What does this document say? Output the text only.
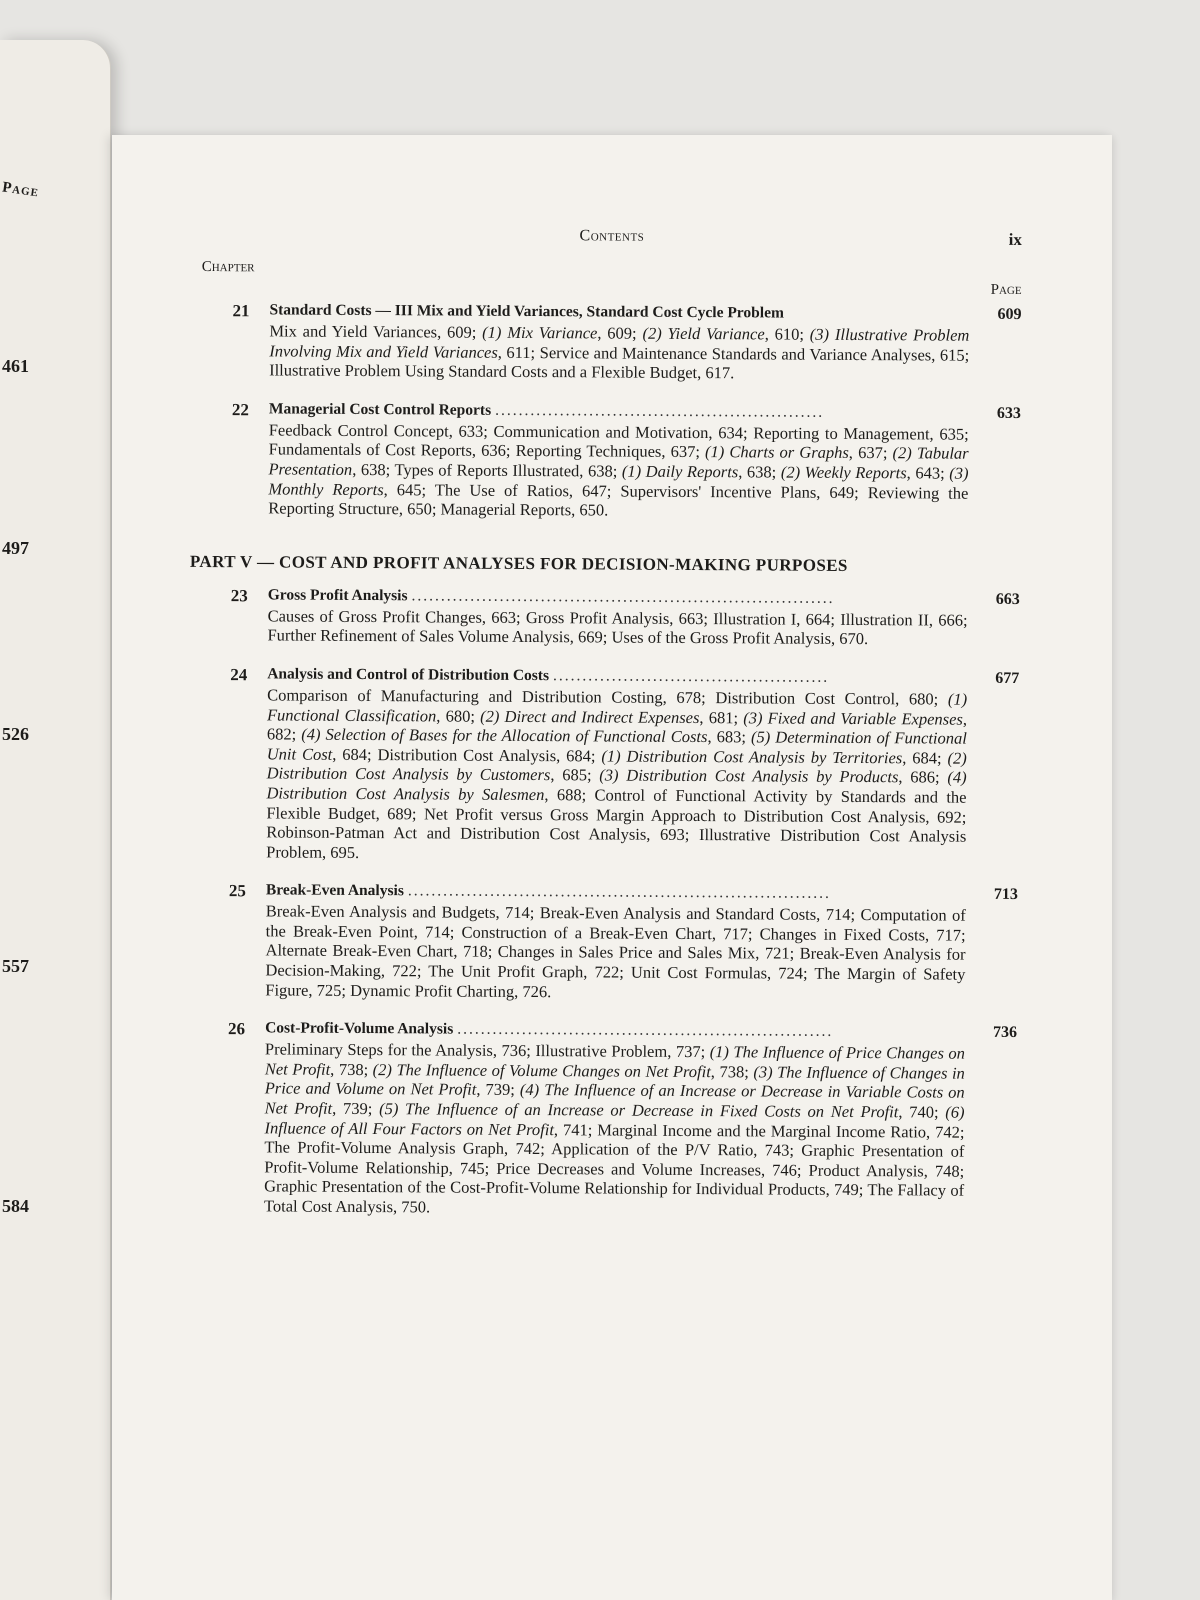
Page
461
497
526
557
584
Contents	ix
Chapter
Page
21	Standard Costs — III Mix and Yield Variances, Standard Cost Cycle Problem	609
Mix and Yield Variances, 609; (1) Mix Variance, 609; (2) Yield Variance, 610; (3) Illustrative Problem Involving Mix and Yield Variances, 611; Service and Maintenance Standards and Variance Analyses, 615; Illustrative Problem Using Standard Costs and a Flexible Budget, 617.
22	Managerial Cost Control Reports ........................................................	633
Feedback Control Concept, 633; Communication and Motivation, 634; Reporting to Management, 635; Fundamentals of Cost Reports, 636; Reporting Techniques, 637; (1) Charts or Graphs, 637; (2) Tabular Presentation, 638; Types of Reports Illustrated, 638; (1) Daily Reports, 638; (2) Weekly Reports, 643; (3) Monthly Reports, 645; The Use of Ratios, 647; Supervisors' Incentive Plans, 649; Reviewing the Reporting Structure, 650; Managerial Reports, 650.
PART V — COST AND PROFIT ANALYSES FOR DECISION-MAKING PURPOSES
23	Gross Profit Analysis ........................................................................	663
Causes of Gross Profit Changes, 663; Gross Profit Analysis, 663; Illustration I, 664; Illustration II, 666; Further Refinement of Sales Volume Analysis, 669; Uses of the Gross Profit Analysis, 670.
24	Analysis and Control of Distribution Costs ...............................................	677
Comparison of Manufacturing and Distribution Costing, 678; Distribution Cost Control, 680; (1) Functional Classification, 680; (2) Direct and Indirect Expenses, 681; (3) Fixed and Variable Expenses, 682; (4) Selection of Bases for the Allocation of Functional Costs, 683; (5) Determination of Functional Unit Cost, 684; Distribution Cost Analysis, 684; (1) Distribution Cost Analysis by Territories, 684; (2) Distribution Cost Analysis by Customers, 685; (3) Distribution Cost Analysis by Products, 686; (4) Distribution Cost Analysis by Salesmen, 688; Control of Functional Activity by Standards and the Flexible Budget, 689; Net Profit versus Gross Margin Approach to Distribution Cost Analysis, 692; Robinson-Patman Act and Distribution Cost Analysis, 693; Illustrative Distribution Cost Analysis Problem, 695.
25	Break-Even Analysis ........................................................................	713
Break-Even Analysis and Budgets, 714; Break-Even Analysis and Standard Costs, 714; Computation of the Break-Even Point, 714; Construction of a Break-Even Chart, 717; Changes in Fixed Costs, 717; Alternate Break-Even Chart, 718; Changes in Sales Price and Sales Mix, 721; Break-Even Analysis for Decision-Making, 722; The Unit Profit Graph, 722; Unit Cost Formulas, 724; The Margin of Safety Figure, 725; Dynamic Profit Charting, 726.
26	Cost-Profit-Volume Analysis ................................................................	736
Preliminary Steps for the Analysis, 736; Illustrative Problem, 737; (1) The Influence of Price Changes on Net Profit, 738; (2) The Influence of Volume Changes on Net Profit, 738; (3) The Influence of Changes in Price and Volume on Net Profit, 739; (4) The Influence of an Increase or Decrease in Variable Costs on Net Profit, 739; (5) The Influence of an Increase or Decrease in Fixed Costs on Net Profit, 740; (6) Influence of All Four Factors on Net Profit, 741; Marginal Income and the Marginal Income Ratio, 742; The Profit-Volume Analysis Graph, 742; Application of the P/V Ratio, 743; Graphic Presentation of Profit-Volume Relationship, 745; Price Decreases and Volume Increases, 746; Product Analysis, 748; Graphic Presentation of the Cost-Profit-Volume Relationship for Individual Products, 749; The Fallacy of Total Cost Analysis, 750.
